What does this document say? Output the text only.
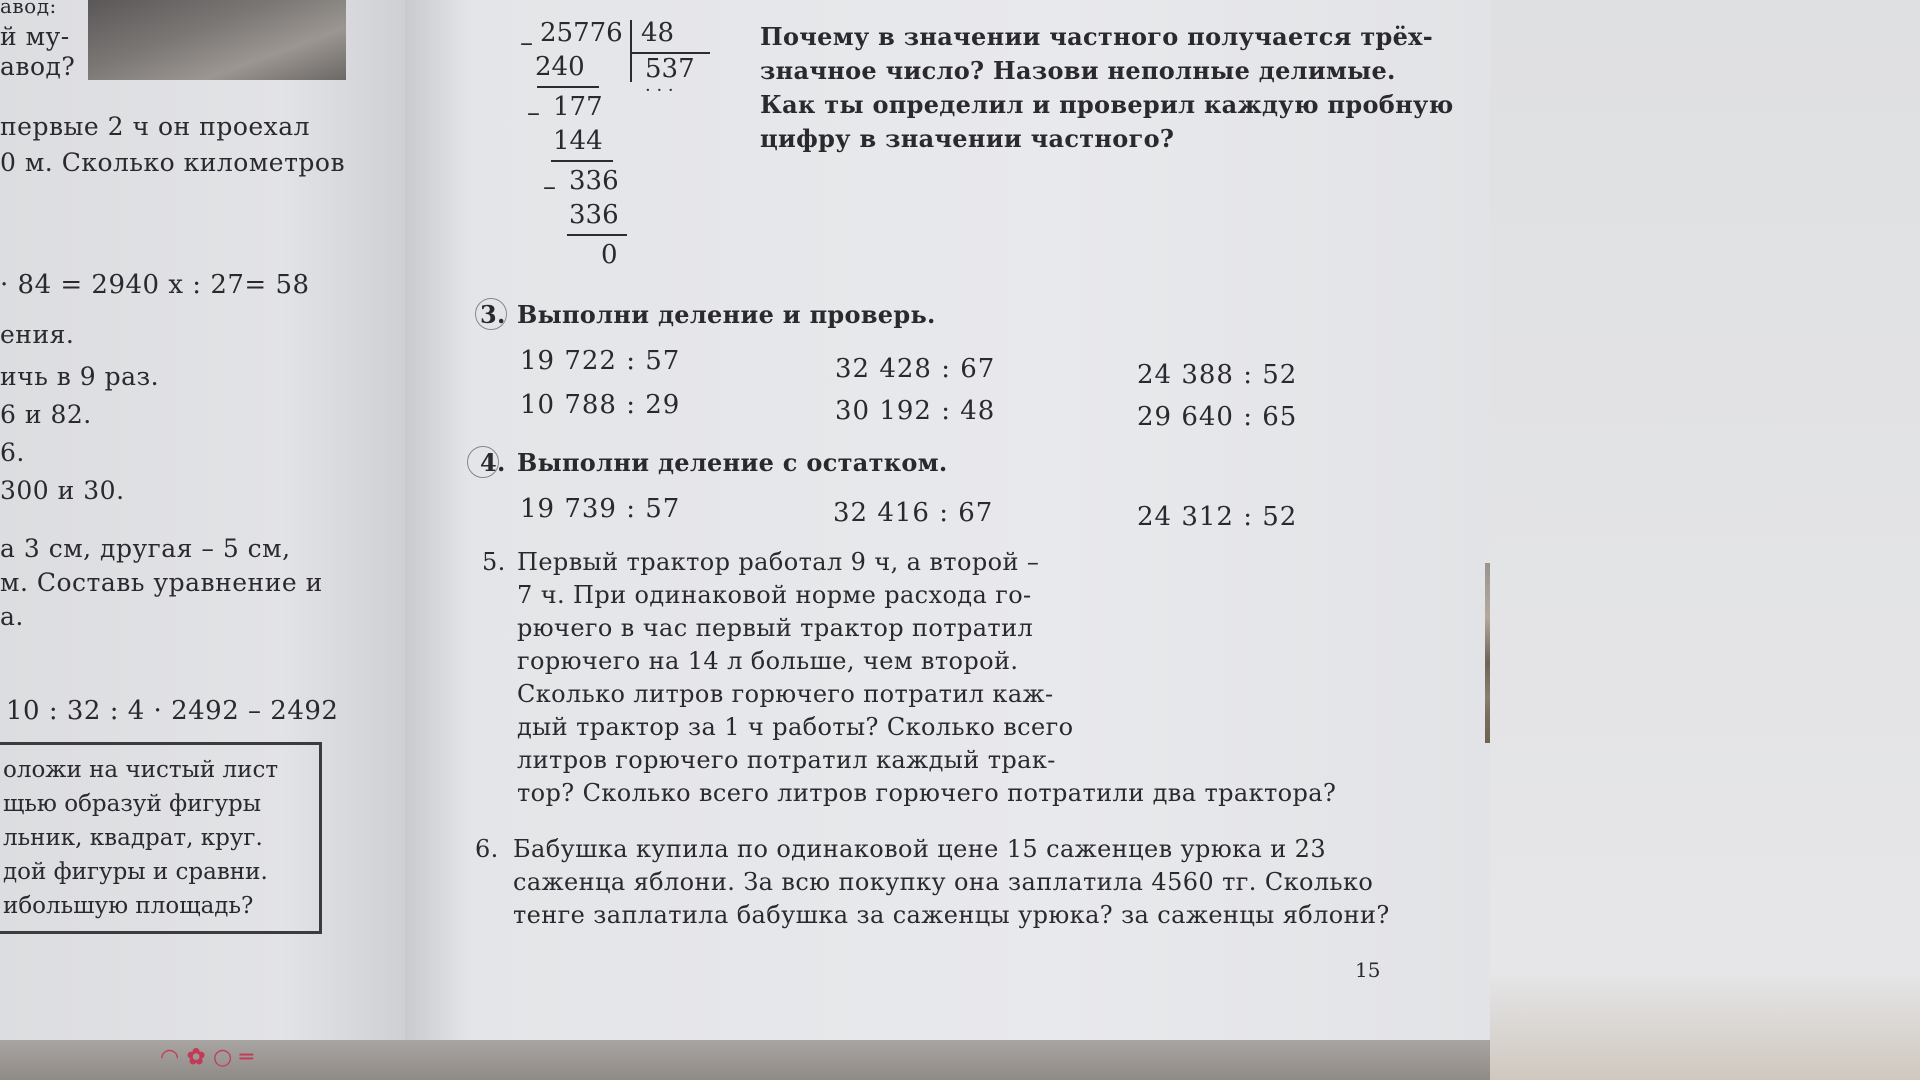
авод:
й му-
авод?
первые 2 ч он проехал
0 м. Сколько километров
· 84 = 2940 x : 27= 58
ения.
ичь в 9 раз.
6 и 82.
6.
300 и 30.
а 3 см, другая – 5 см,
м. Составь уравнение и
а.
10 : 32 : 4 · 2492 – 2492
оложи на чистый лист
щью образуй фигуры
льник, квадрат, круг.
дой фигуры и сравни.
ибольшую площадь?
– 25776 48
537
· · ·
240
– 177
144
– 336
336
0
Почему в значении частного получается трёх-
значное число? Назови неполные делимые.
Как ты определил и проверил каждую пробную
цифру в значении частного?
3. Выполни деление и проверь.
19 722 : 57	32 428 : 67	24 388 : 52
10 788 : 29	30 192 : 48	29 640 : 65
4. Выполни деление с остатком.
19 739 : 57	32 416 : 67	24 312 : 52
5. Первый трактор работал 9 ч, а второй –
7 ч. При одинаковой норме расхода го-
рючего в час первый трактор потратил
горючего на 14 л больше, чем второй.
Сколько литров горючего потратил каж-
дый трактор за 1 ч работы? Сколько всего
литров горючего потратил каждый трак-
тор? Сколько всего литров горючего потратили два трактора?
6. Бабушка купила по одинаковой цене 15 саженцев урюка и 23
саженца яблони. За всю покупку она заплатила 4560 тг. Сколько
тенге заплатила бабушка за саженцы урюка? за саженцы яблони?
15
◠ ✿ ○ ═
